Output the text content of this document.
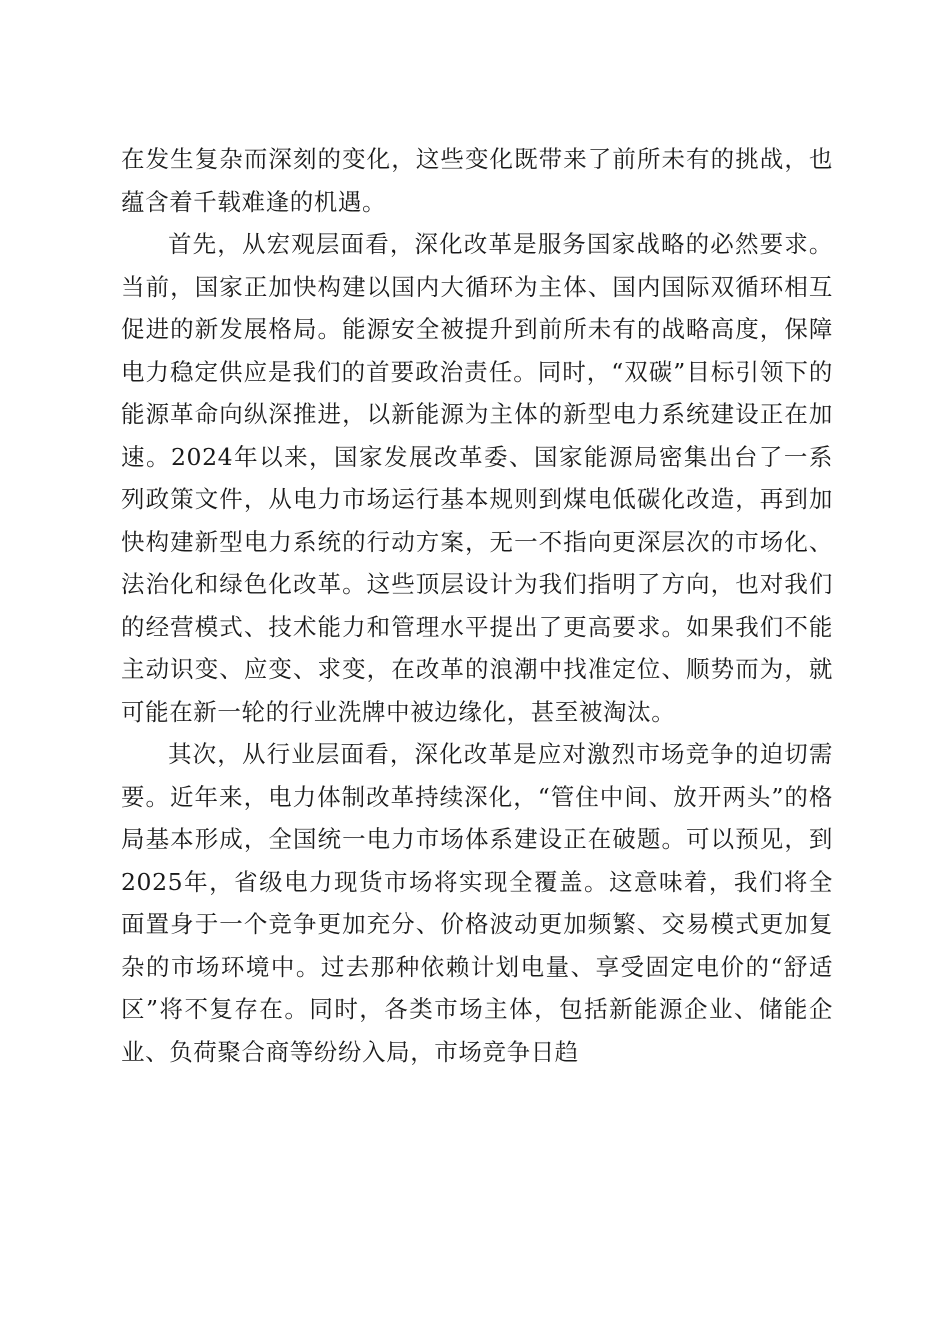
在发生复杂而深刻的变化，这些变化既带来了前所未有的挑战，也蕴含着千载难逢的机遇。

首先，从宏观层面看，深化改革是服务国家战略的必然要求。当前，国家正加快构建以国内大循环为主体、国内国际双循环相互促进的新发展格局。能源安全被提升到前所未有的战略高度，保障电力稳定供应是我们的首要政治责任。同时，“双碳”目标引领下的能源革命向纵深推进，以新能源为主体的新型电力系统建设正在加速。2024年以来，国家发展改革委、国家能源局密集出台了一系列政策文件，从电力市场运行基本规则到煤电低碳化改造，再到加快构建新型电力系统的行动方案，无一不指向更深层次的市场化、法治化和绿色化改革。这些顶层设计为我们指明了方向，也对我们的经营模式、技术能力和管理水平提出了更高要求。如果我们不能主动识变、应变、求变，在改革的浪潮中找准定位、顺势而为，就可能在新一轮的行业洗牌中被边缘化，甚至被淘汰。

其次，从行业层面看，深化改革是应对激烈市场竞争的迫切需要。近年来，电力体制改革持续深化，“管住中间、放开两头”的格局基本形成，全国统一电力市场体系建设正在破题。可以预见，到2025年，省级电力现货市场将实现全覆盖。这意味着，我们将全面置身于一个竞争更加充分、价格波动更加频繁、交易模式更加复杂的市场环境中。过去那种依赖计划电量、享受固定电价的“舒适区”将不复存在。同时，各类市场主体，包括新能源企业、储能企业、负荷聚合商等纷纷入局，市场竞争日趋
